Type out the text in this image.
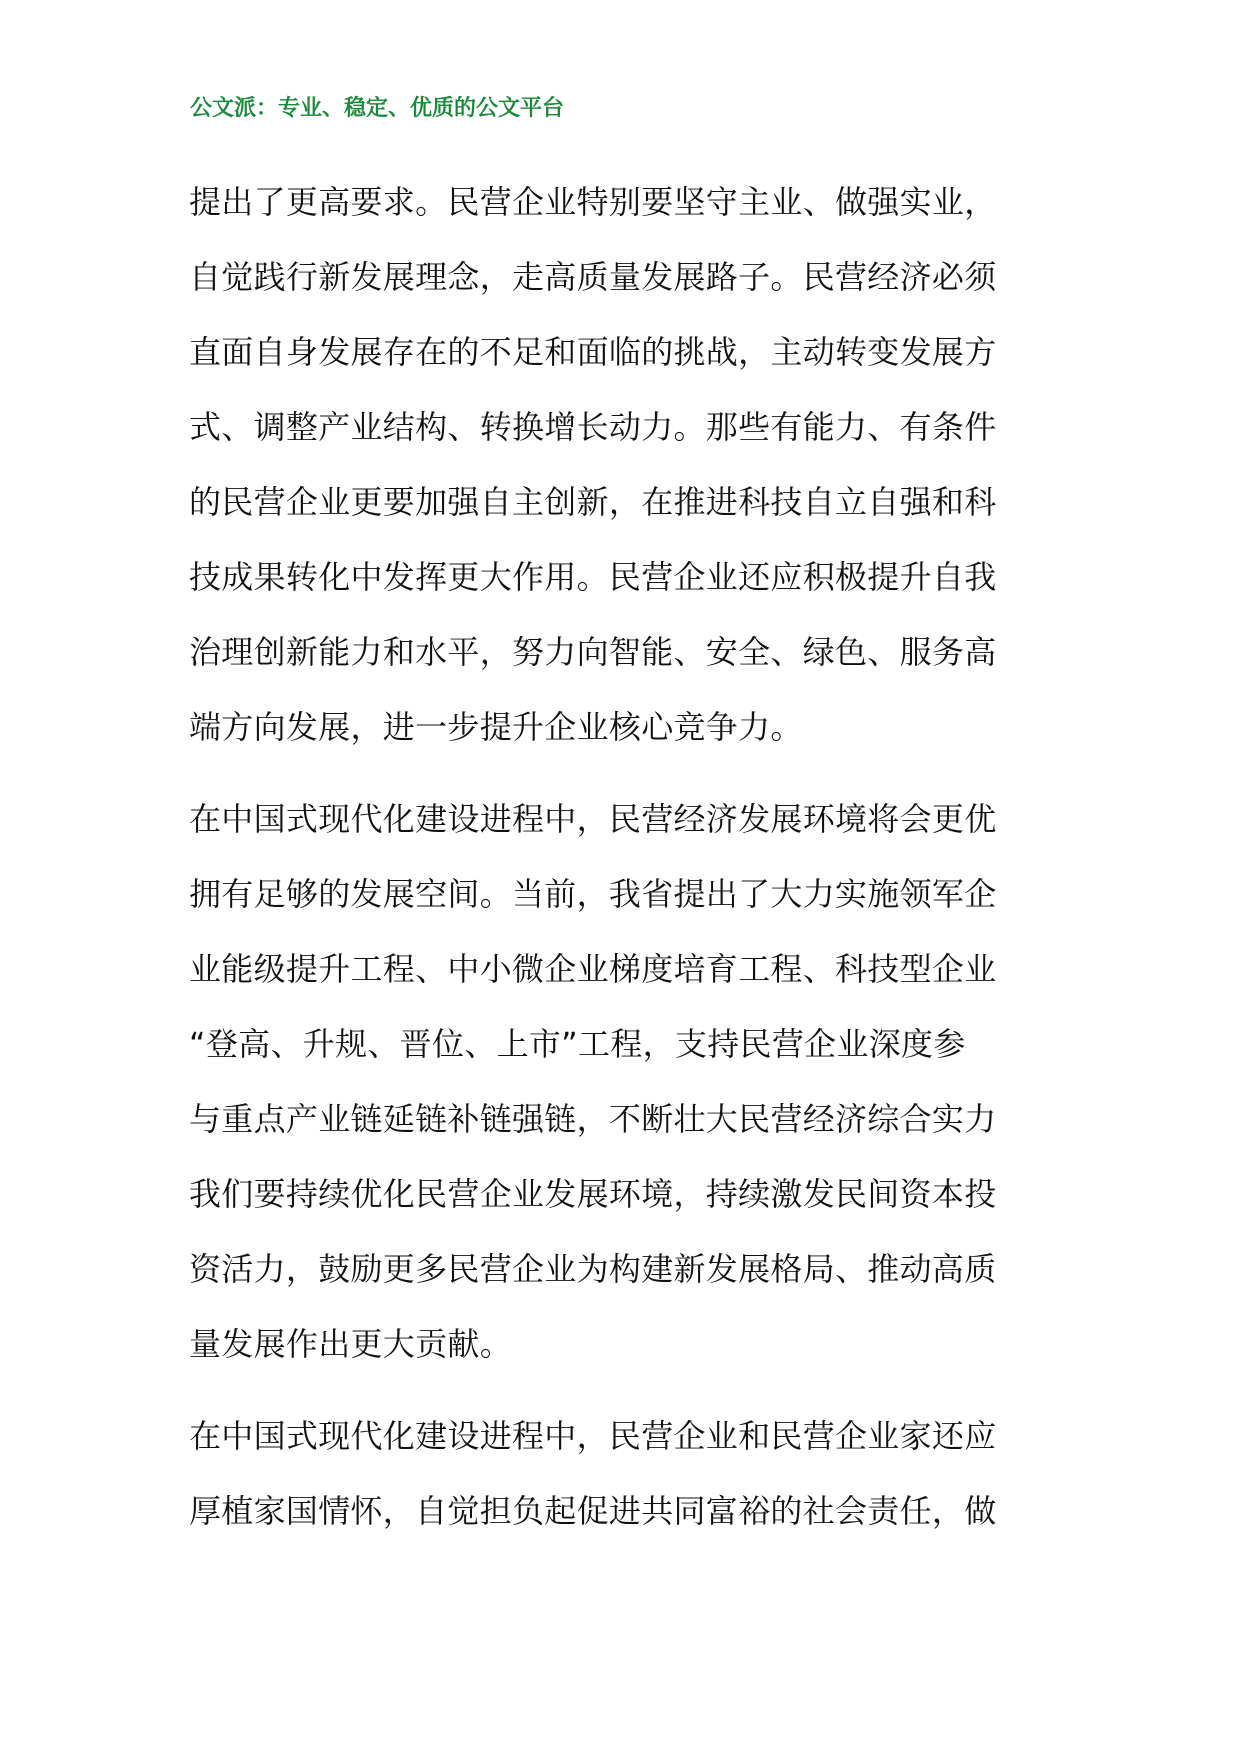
公文派：专业、稳定、优质的公文平台
提出了更高要求。民营企业特别要坚守主业、做强实业，
自觉践行新发展理念，走高质量发展路子。民营经济必须
直面自身发展存在的不足和面临的挑战，主动转变发展方
式、调整产业结构、转换增长动力。那些有能力、有条件
的民营企业更要加强自主创新，在推进科技自立自强和科
技成果转化中发挥更大作用。民营企业还应积极提升自我
治理创新能力和水平，努力向智能、安全、绿色、服务高
端方向发展，进一步提升企业核心竞争力。
在中国式现代化建设进程中，民营经济发展环境将会更优
拥有足够的发展空间。当前，我省提出了大力实施领军企
业能级提升工程、中小微企业梯度培育工程、科技型企业
“登高、升规、晋位、上市”工程，支持民营企业深度参
与重点产业链延链补链强链，不断壮大民营经济综合实力
我们要持续优化民营企业发展环境，持续激发民间资本投
资活力，鼓励更多民营企业为构建新发展格局、推动高质
量发展作出更大贡献。
在中国式现代化建设进程中，民营企业和民营企业家还应
厚植家国情怀，自觉担负起促进共同富裕的社会责任，做
